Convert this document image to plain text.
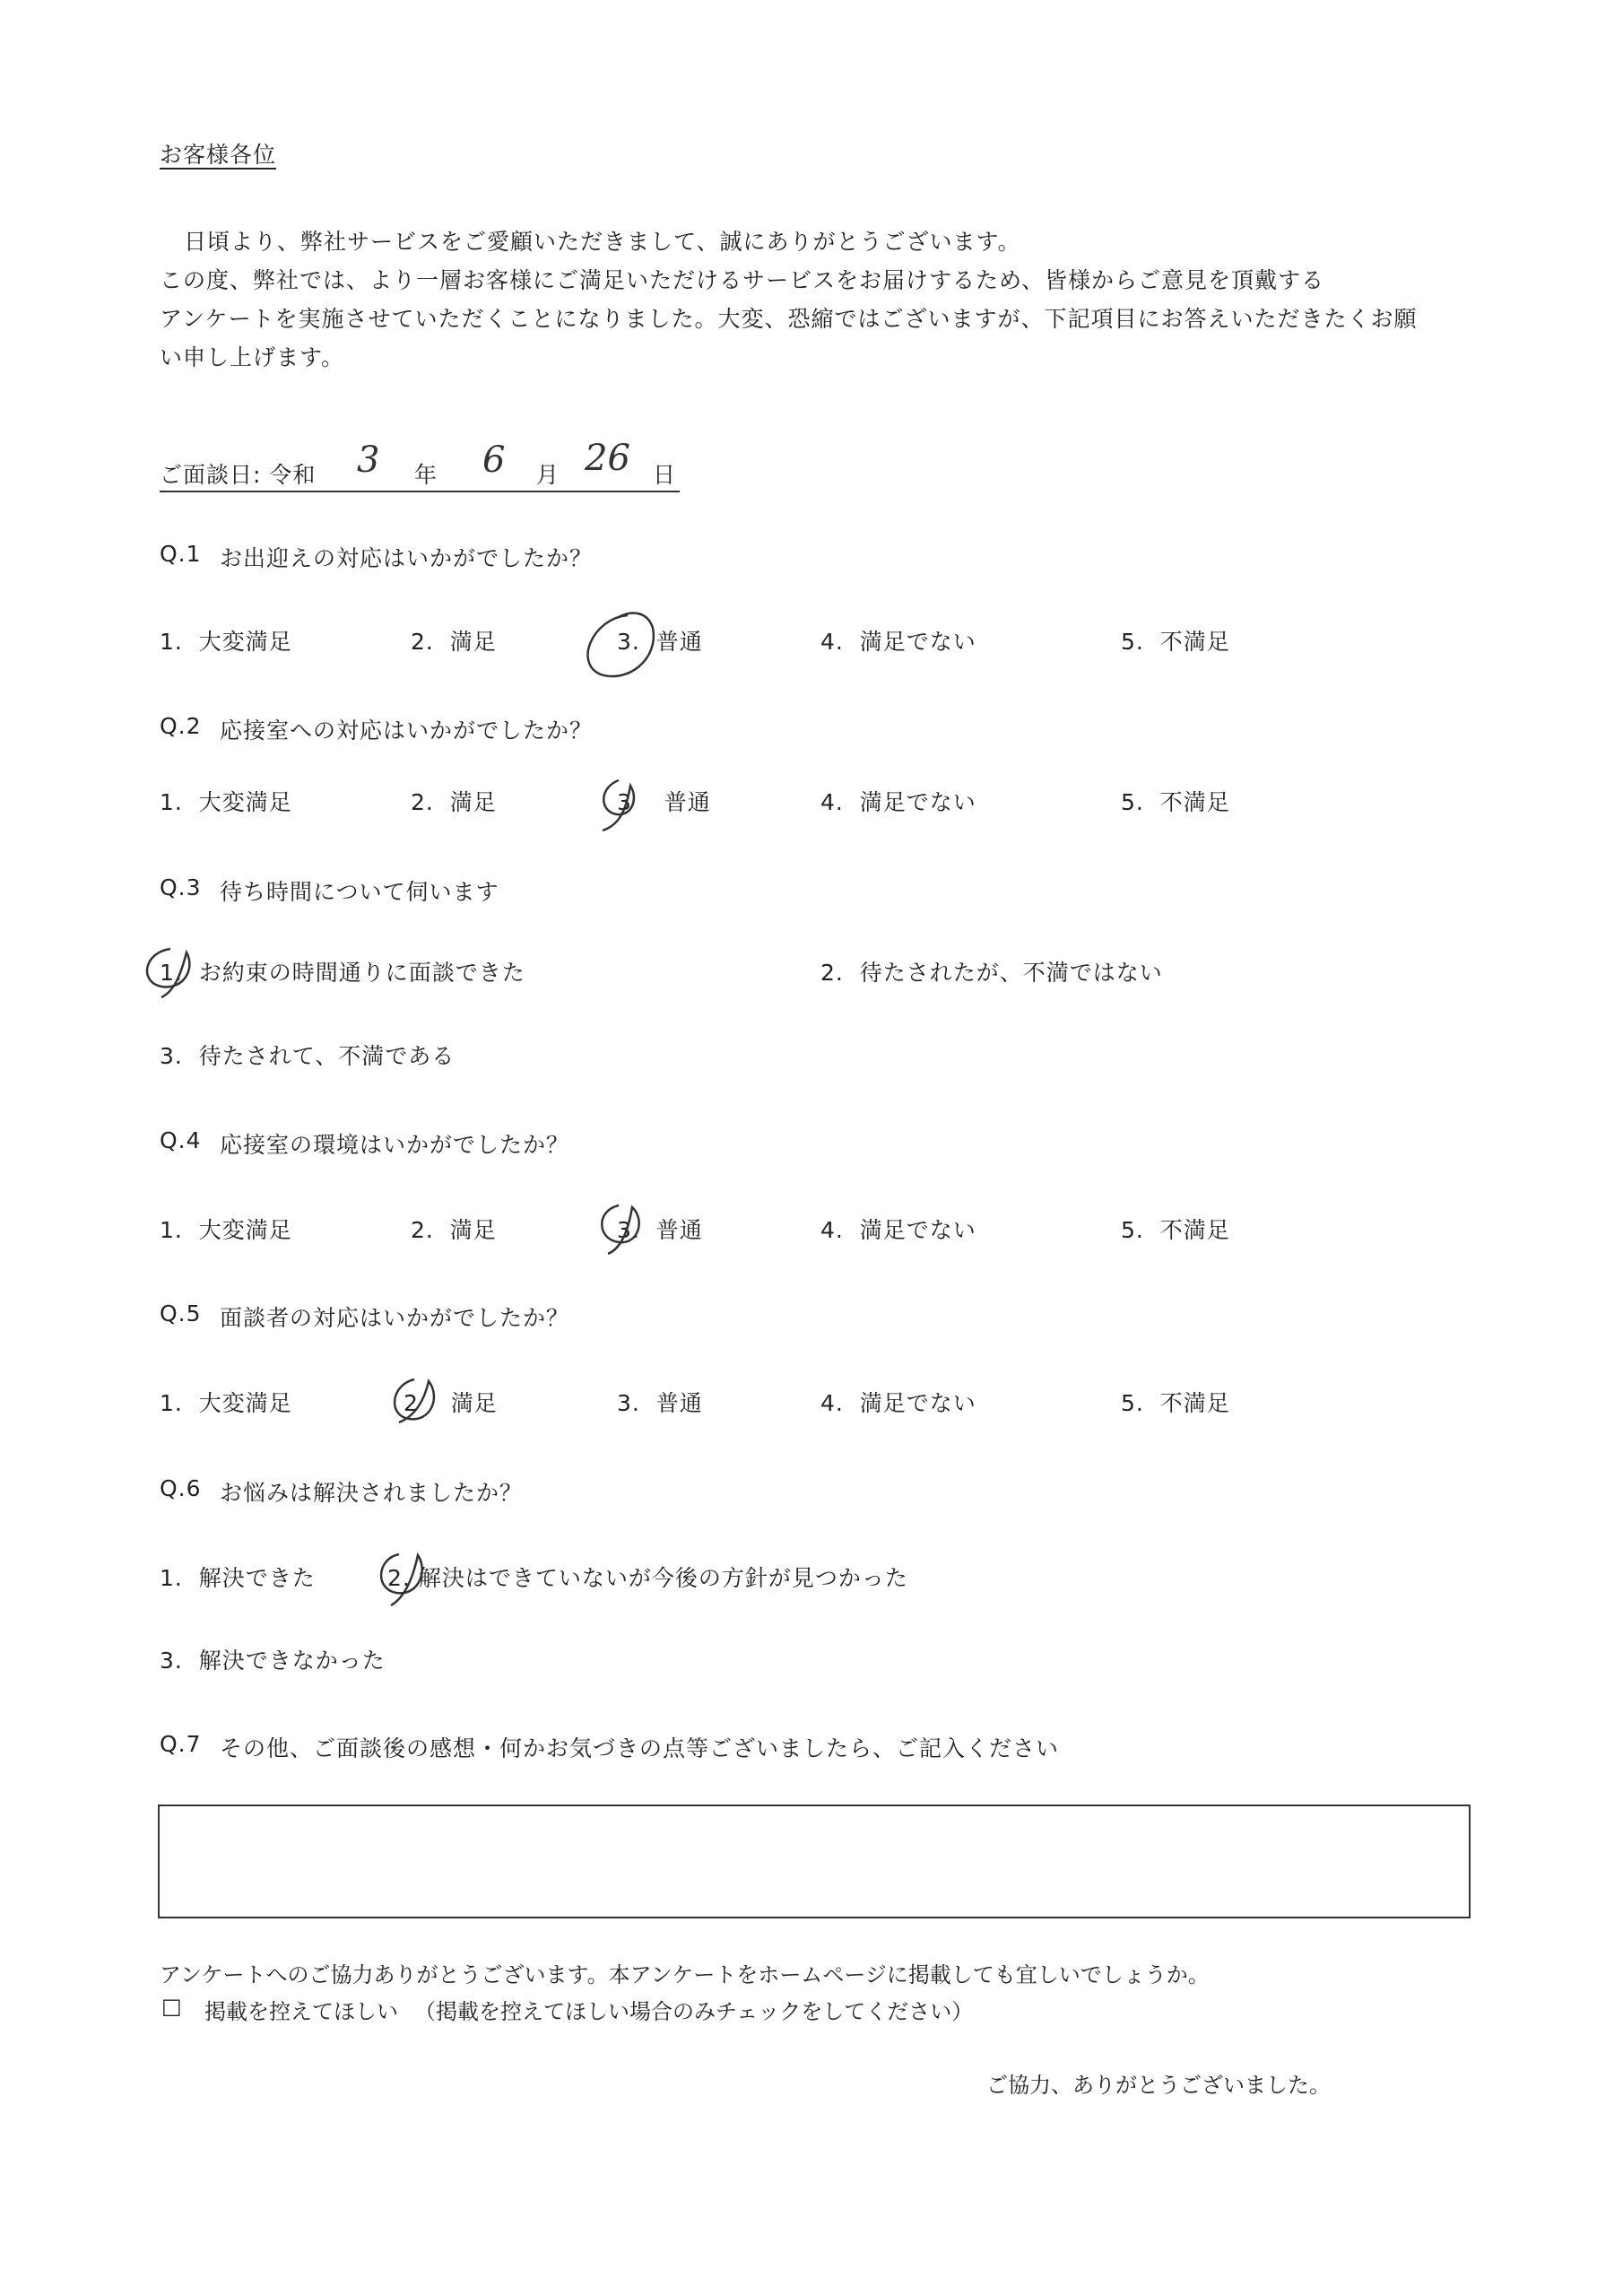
お客様各位
日頃より、弊社サービスをご愛顧いただきまして、誠にありがとうございます。
この度、弊社では、より一層お客様にご満足いただけるサービスをお届けするため、皆様からご意見を頂戴する
アンケートを実施させていただくことになりました。大変、恐縮ではございますが、下記項目にお答えいただきたくお願
い申し上げます。
ご面談日: 令和 3 年 6 月 26 日
Q.1 お出迎えの対応はいかがでしたか？
1. 大変満足	2. 満足	3. 普通	4. 満足でない	5. 不満足
Q.2 応接室への対応はいかがでしたか？
1. 大変満足	2. 満足	3 普通	4. 満足でない	5. 不満足
Q.3 待ち時間について伺います
1. お約束の時間通りに面談できた	2. 待たされたが、不満ではない
3. 待たされて、不満である
Q.4 応接室の環境はいかがでしたか？
1. 大変満足	2. 満足	3. 普通	4. 満足でない	5. 不満足
Q.5 面談者の対応はいかがでしたか？
1. 大変満足	2 満足	3. 普通	4. 満足でない	5. 不満足
Q.6 お悩みは解決されましたか？
1. 解決できた	2. 解決はできていないが今後の方針が見つかった
3. 解決できなかった
Q.7 その他、ご面談後の感想・何かお気づきの点等ございましたら、ご記入ください
アンケートへのご協力ありがとうございます。本アンケートをホームページに掲載しても宜しいでしょうか。
□ 掲載を控えてほしい （掲載を控えてほしい場合のみチェックをしてください）
ご協力、ありがとうございました。
